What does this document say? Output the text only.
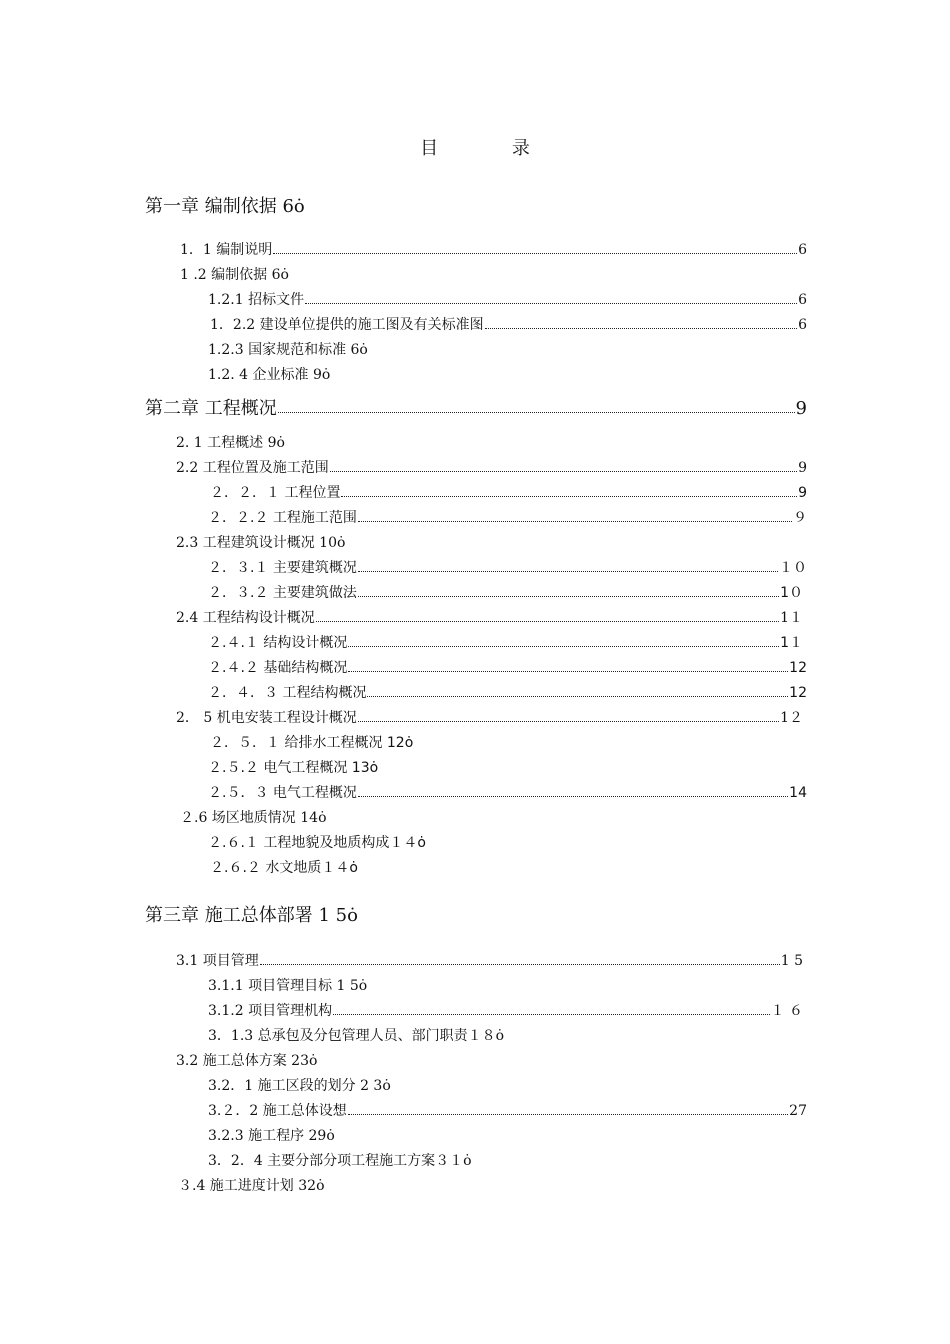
目 录
第一章 编制依据 6ȯ
1．1 编制说明	6
1 .2 编制依据 6ȯ
1.2.1 招标文件	6
1．2.2 建设单位提供的施工图及有关标准图	6
1.2.3 国家规范和标准 6ȯ
1.2. 4 企业标准 9ȯ
第二章 工程概况	9
2. 1 工程概述 9ȯ
2.2 工程位置及施工范围	9
２．２．１ 工程位置	9
２．２.２ 工程施工范围	９
2.3 工程建筑设计概况 10ȯ
２．３.１ 主要建筑概况	１０
２．３.２ 主要建筑做法	1０
2.4 工程结构设计概况	1１
２.４.１ 结构设计概况	1１
２.４.２ 基础结构概况	12
２．４．３ 工程结构概况	12
2． 5 机电安装工程设计概况	1２
２．５．１ 给排水工程概况 12ȯ
２.５.２ 电气工程概况 13ȯ
２.５．３ 电气工程概况	14
２.6 场区地质情况 14ȯ
２.６.１ 工程地貌及地质构成１４ȯ
２.６.２ 水文地质１４ȯ
第三章 施工总体部署 1 5ȯ
3.1 项目管理	1 5
3.1.1 项目管理目标 1 5ȯ
3.1.2 项目管理机构	１ ６
3．1.3 总承包及分包管理人员、部门职责１８ȯ
3.2 施工总体方案 23ȯ
3.2．1 施工区段的划分 2 3ȯ
3.２．2 施工总体设想	27
3.2.3 施工程序 29ȯ
3．2．4 主要分部分项工程施工方案３１ȯ
３.4 施工进度计划 32ȯ
